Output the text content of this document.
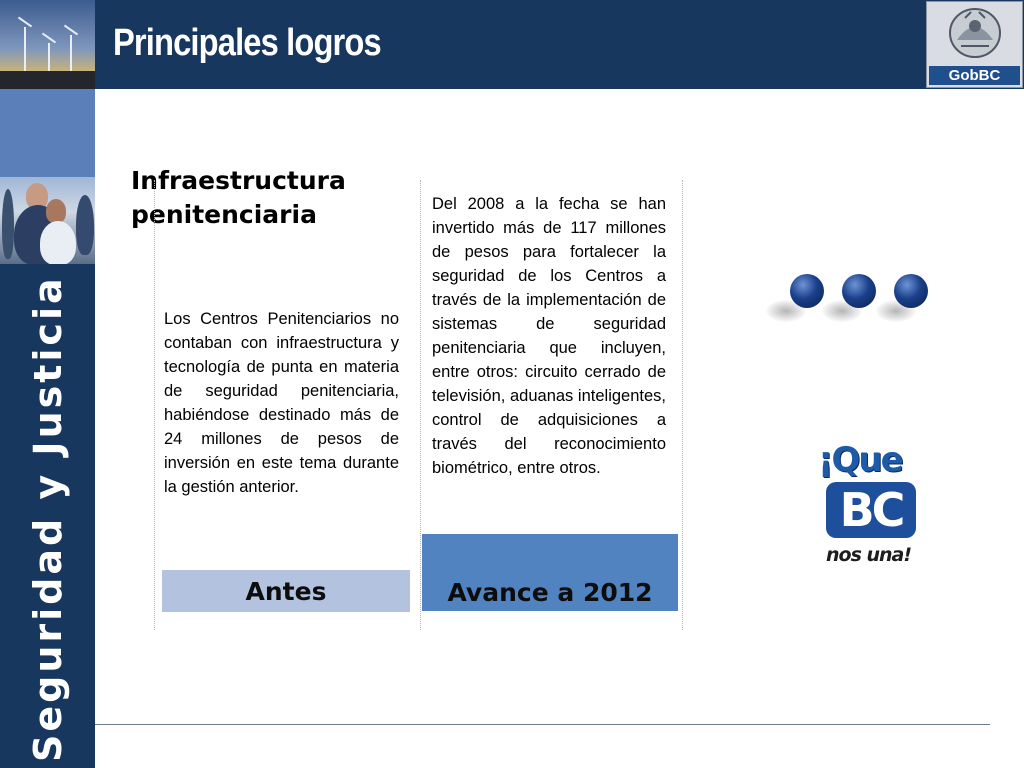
Principales logros
GobBC
Seguridad y Justicia
Infraestructura penitenciaria
Los Centros Penitenciarios no contaban con infraestructura y tecnología de punta en materia de seguridad penitenciaria, habiéndose destinado más de 24 millones de pesos de inversión en este tema durante la gestión anterior.
Del 2008 a la fecha se han invertido más de 117 millones de pesos para fortalecer la seguridad de los Centros a través de la implementación de sistemas de seguridad penitenciaria que incluyen, entre otros: circuito cerrado de televisión, aduanas inteligentes, control de adquisiciones a través del reconocimiento biométrico, entre otros.
Antes	Avance a 2012
¡Que
BC
nos una!
